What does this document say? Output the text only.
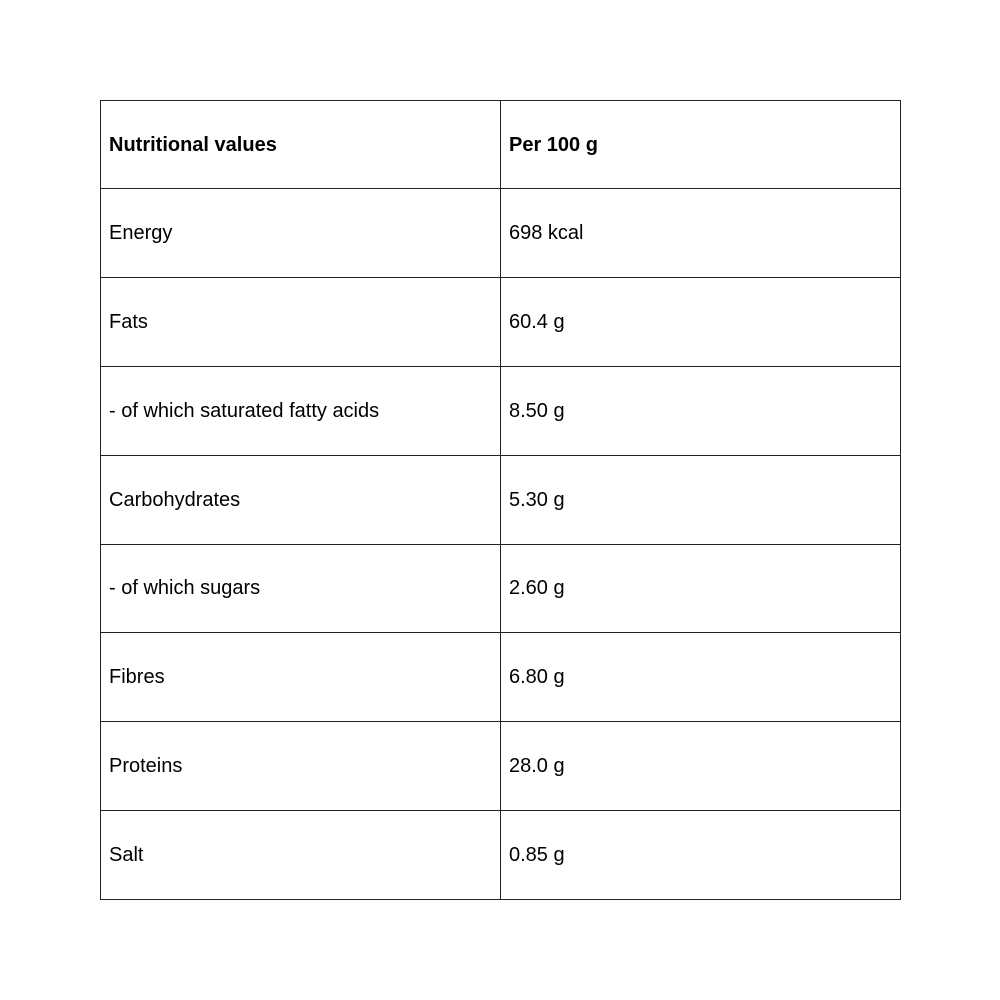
Nutritional values	Per 100 g
Energy	698 kcal
Fats	60.4 g
- of which saturated fatty acids	8.50 g
Carbohydrates	5.30 g
- of which sugars	2.60 g
Fibres	6.80 g
Proteins	28.0 g
Salt	0.85 g
